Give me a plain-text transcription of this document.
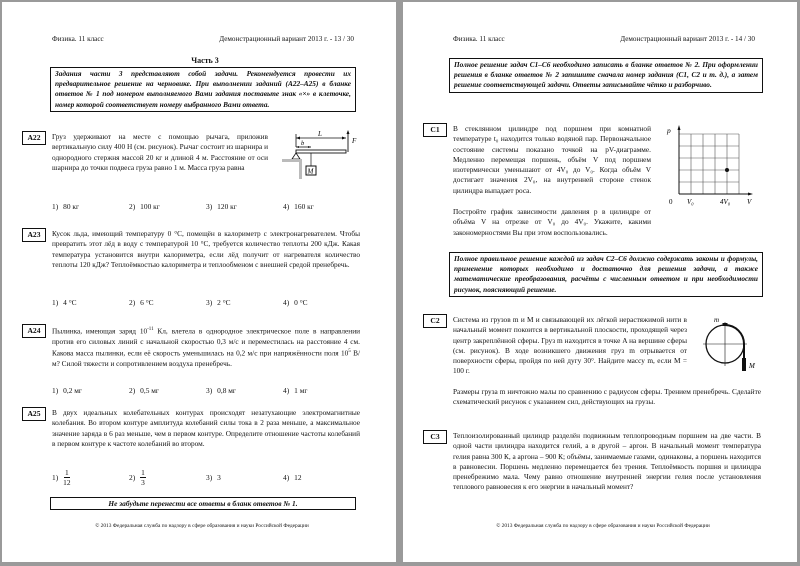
Физика. 11 класс	Демонстрационный вариант 2013 г. - 13 / 30
Часть 3
Задания части 3 представляют собой задачи. Рекомендуется провести их предварительное решение на черновике. При выполнении заданий (А22–А25) в бланке ответов № 1 под номером выполняемого Вами задания поставьте знак «×» в клеточке, номер которой соответствует номеру выбранного Вами ответа.
A22	Груз удерживают на месте с помощью рычага, приложив вертикальную силу 400 Н (см. рисунок). Рычаг состоит из шарнира и однородного стержня массой 20 кг и длиной 4 м. Расстояние от оси шарнира до точки подвеса груза равно 1 м. Масса груза равна
L
b	F
M
1) 80 кг	2) 100 кг	3) 120 кг	4) 160 кг
A23	Кусок льда, имеющий температуру 0 °С, помещён в калориметр с электронагревателем. Чтобы превратить этот лёд в воду с температурой 10 °С, требуется количество теплоты 200 кДж. Какая температура установится внутри калориметра, если лёд получит от нагревателя количество теплоты 120 кДж? Теплоёмкостью калориметра и теплообменом с внешней средой пренебречь.
1) 4 °С	2) 6 °С	3) 2 °С	4) 0 °С
A24	Пылинка, имеющая заряд $10^{-11}$ Кл, влетела в однородное электрическое поле в направлении против его силовых линий с начальной скоростью 0,3 м/с и переместилась на расстояние 4 см. Какова масса пылинки, если её скорость уменьшилась на 0,2 м/с при напряжённости поля $10^5$ В/м? Силой тяжести и сопротивлением воздуха пренебречь.
1) 0,2 мг	2) 0,5 мг	3) 0,8 мг	4) 1 мг
A25	В двух идеальных колебательных контурах происходят незатухающие электромагнитные колебания. Во втором контуре амплитуда колебаний силы тока в 2 раза меньше, а максимальное значение заряда в 6 раз меньше, чем в первом контуре. Определите отношение частоты колебаний в первом контуре к частоте колебаний во втором.
$1) \frac{1}{12}$	$2) \frac{1}{3}$	3) 3	4) 12
Не забудьте перенести все ответы в бланк ответов № 1.
© 2013 Федеральная служба по надзору в сфере образования и науки Российской Федерации
Физика. 11 класс	Демонстрационный вариант 2013 г. - 14 / 30
Полное решение задач С1–С6 необходимо записать в бланке ответов № 2. При оформлении решения в бланке ответов № 2 запишите сначала номер задания (С1, С2 и т. д.), а затем решение соответствующей задачи. Ответы записывайте чётко и разборчиво.
C1	В стеклянном цилиндре под поршнем при комнатной температуре t₀ находится только водяной пар. Первоначальное состояние системы показано точкой на pV-диаграмме. Медленно перемещая поршень, объём V под поршнем изотермически уменьшают от 4V₀ до V₀. Когда объём V достигает значения 2V₀, на внутренней стороне стенок цилиндра выпадает роса.
Постройте график зависимости давления p в цилиндре от объёма V на отрезке от V₀ до 4V₀. Укажите, какими закономерностями Вы при этом воспользовались.
p
0 V₀	4V₀ V
Полное правильное решение каждой из задач С2–С6 должно содержать законы и формулы, применение которых необходимо и достаточно для решения задачи, а также математические преобразования, расчёты с численным ответом и при необходимости рисунок, поясняющий решение.
C2	Система из грузов m и M и связывающей их лёгкой нерастяжимой нити в начальный момент покоится в вертикальной плоскости, проходящей через центр закреплённой сферы. Груз m находится в точке A на вершине сферы (см. рисунок). В ходе возникшего движения груз m отрывается от поверхности сферы, пройдя по ней дугу 30°. Найдите массу m, если M = 100 г.
Размеры груза m ничтожно малы по сравнению с радиусом сферы. Трением пренебречь. Сделайте схематический рисунок с указанием сил, действующих на грузы.
m
M
C3	Теплоизолированный цилиндр разделён подвижным теплопроводным поршнем на две части. В одной части цилиндра находится гелий, а в другой – аргон. В начальный момент температура гелия равна 300 К, а аргона – 900 К; объёмы, занимаемые газами, одинаковы, а поршень находится в равновесии. Поршень медленно перемещается без трения. Теплоёмкость поршня и цилиндра пренебрежимо мала. Чему равно отношение внутренней энергии гелия после установления теплового равновесия к его энергии в начальный момент?
© 2013 Федеральная служба по надзору в сфере образования и науки Российской Федерации
